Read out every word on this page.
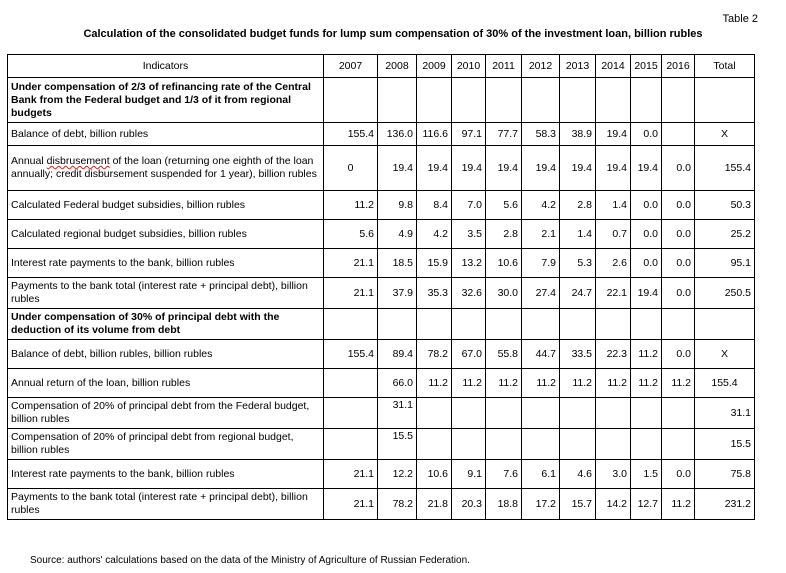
Table 2
Calculation of the consolidated budget funds for lump sum compensation of 30% of the investment loan, billion rubles
Indicators	2007	2008	2009	2010	2011	2012	2013	2014	2015	2016	Total
Under compensation of 2/3 of refinancing rate of the Central Bank from the Federal budget and 1/3 of it from regional budgets											
Balance of debt, billion rubles	155.4	136.0	116.6	97.1	77.7	58.3	38.9	19.4	0.0		X
Annual disbrusement of the loan (returning one eighth of the loan annually; credit disbursement suspended for 1 year), billion rubles	0	19.4	19.4	19.4	19.4	19.4	19.4	19.4	19.4	0.0	155.4
Calculated Federal budget subsidies, billion rubles	11.2	9.8	8.4	7.0	5.6	4.2	2.8	1.4	0.0	0.0	50.3
Calculated regional budget subsidies, billion rubles	5.6	4.9	4.2	3.5	2.8	2.1	1.4	0.7	0.0	0.0	25.2
Interest rate payments to the bank, billion rubles	21.1	18.5	15.9	13.2	10.6	7.9	5.3	2.6	0.0	0.0	95.1
Payments to the bank total (interest rate + principal debt), billion rubles	21.1	37.9	35.3	32.6	30.0	27.4	24.7	22.1	19.4	0.0	250.5
Under compensation of 30% of principal debt with the deduction of its volume from debt											
Balance of debt, billion rubles, billion rubles	155.4	89.4	78.2	67.0	55.8	44.7	33.5	22.3	11.2	0.0	X
Annual return of the loan, billion rubles		66.0	11.2	11.2	11.2	11.2	11.2	11.2	11.2	11.2	155.4
Compensation of 20% of principal debt from the Federal budget, billion rubles		31.1									31.1
Compensation of 20% of principal debt from regional budget, billion rubles		15.5									15.5
Interest rate payments to the bank, billion rubles	21.1	12.2	10.6	9.1	7.6	6.1	4.6	3.0	1.5	0.0	75.8
Payments to the bank total (interest rate + principal debt), billion rubles	21.1	78.2	21.8	20.3	18.8	17.2	15.7	14.2	12.7	11.2	231.2
Source: authors' calculations based on the data of the Ministry of Agriculture of Russian Federation.
